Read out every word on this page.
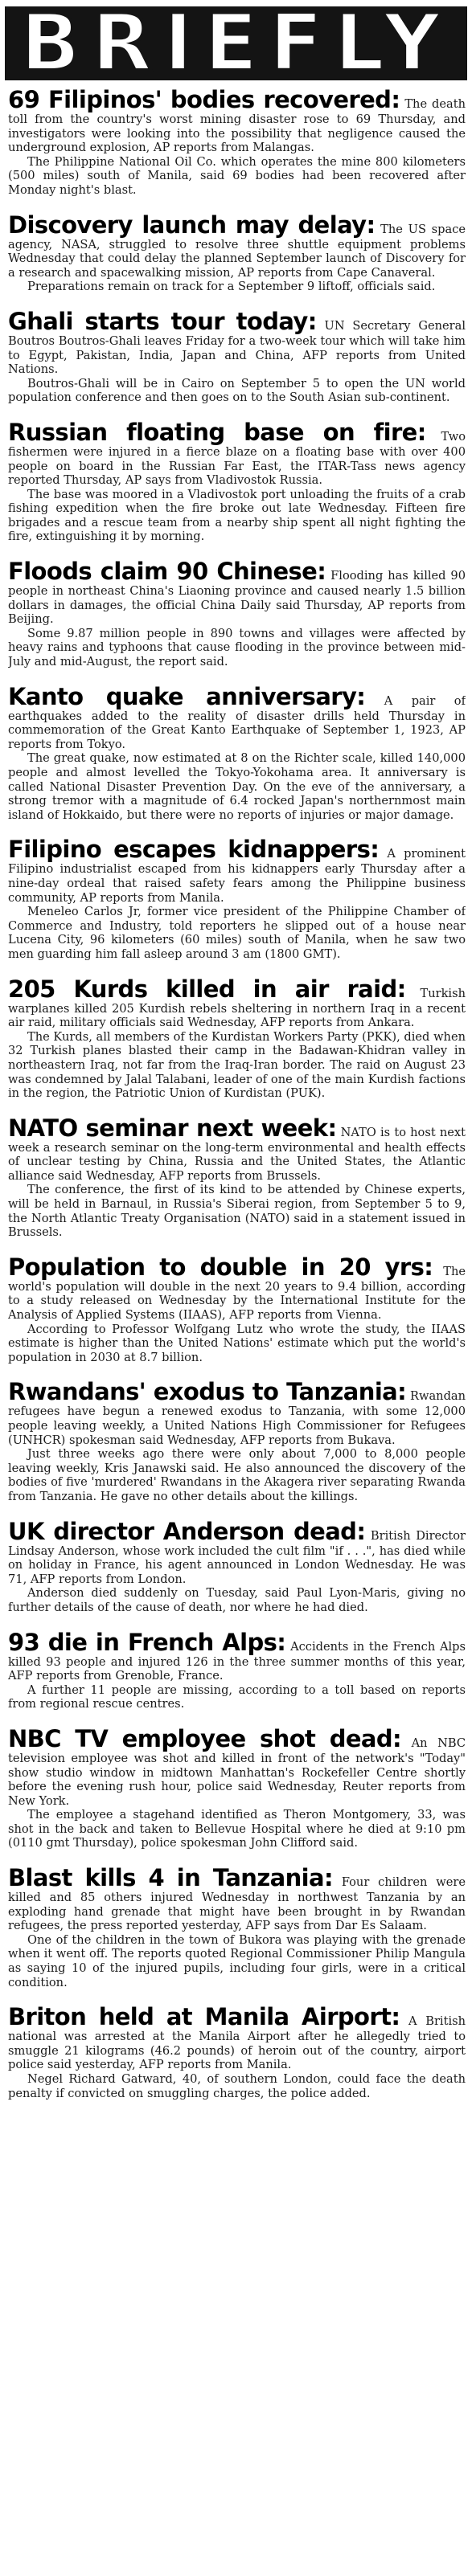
BRIEFLY

69 Filipinos' bodies recovered: The death toll from the country's worst mining disaster rose to 69 Thursday, and investigators were looking into the possibility that negligence caused the underground explosion, AP reports from Malangas.

The Philippine National Oil Co. which operates the mine 800 kilometers (500 miles) south of Manila, said 69 bodies had been recovered after Monday night's blast.

Discovery launch may delay: The US space agency, NASA, struggled to resolve three shuttle equipment problems Wednesday that could delay the planned September launch of Discovery for a research and spacewalking mission, AP reports from Cape Canaveral.

Preparations remain on track for a September 9 liftoff, officials said.

Ghali starts tour today: UN Secretary General Boutros Boutros-Ghali leaves Friday for a two-week tour which will take him to Egypt, Pakistan, India, Japan and China, AFP reports from United Nations.

Boutros-Ghali will be in Cairo on September 5 to open the UN world population conference and then goes on to the South Asian sub-continent.

Russian floating base on fire: Two fishermen were injured in a fierce blaze on a floating base with over 400 people on board in the Russian Far East, the ITAR-Tass news agency reported Thursday, AP says from Vladivostok Russia.

The base was moored in a Vladivostok port unloading the fruits of a crab fishing expedition when the fire broke out late Wednesday. Fifteen fire brigades and a rescue team from a nearby ship spent all night fighting the fire, extinguishing it by morning.

Floods claim 90 Chinese: Flooding has killed 90 people in northeast China's Liaoning province and caused nearly 1.5 billion dollars in damages, the official China Daily said Thursday, AP reports from Beijing.

Some 9.87 million people in 890 towns and villages were affected by heavy rains and typhoons that cause flooding in the province between mid-July and mid-August, the report said.

Kanto quake anniversary: A pair of earthquakes added to the reality of disaster drills held Thursday in commemoration of the Great Kanto Earthquake of September 1, 1923, AP reports from Tokyo.

The great quake, now estimated at 8 on the Richter scale, killed 140,000 people and almost levelled the Tokyo-Yokohama area. It anniversary is called National Disaster Prevention Day. On the eve of the anniversary, a strong tremor with a magnitude of 6.4 rocked Japan's northernmost main island of Hokkaido, but there were no reports of injuries or major damage.

Filipino escapes kidnappers: A prominent Filipino industrialist escaped from his kidnappers early Thursday after a nine-day ordeal that raised safety fears among the Philippine business community, AP reports from Manila.

Meneleo Carlos Jr, former vice president of the Philippine Chamber of Commerce and Industry, told reporters he slipped out of a house near Lucena City, 96 kilometers (60 miles) south of Manila, when he saw two men guarding him fall asleep around 3 am (1800 GMT).

205 Kurds killed in air raid: Turkish warplanes killed 205 Kurdish rebels sheltering in northern Iraq in a recent air raid, military officials said Wednesday, AFP reports from Ankara.

The Kurds, all members of the Kurdistan Workers Party (PKK), died when 32 Turkish planes blasted their camp in the Badawan-Khidran valley in northeastern Iraq, not far from the Iraq-Iran border. The raid on August 23 was condemned by Jalal Talabani, leader of one of the main Kurdish factions in the region, the Patriotic Union of Kurdistan (PUK).

NATO seminar next week: NATO is to host next week a research seminar on the long-term environmental and health effects of unclear testing by China, Russia and the United States, the Atlantic alliance said Wednesday, AFP reports from Brussels.

The conference, the first of its kind to be attended by Chinese experts, will be held in Barnaul, in Russia's Siberai region, from September 5 to 9, the North Atlantic Treaty Organisation (NATO) said in a statement issued in Brussels.

Population to double in 20 yrs: The world's population will double in the next 20 years to 9.4 billion, according to a study released on Wednesday by the International Institute for the Analysis of Applied Systems (IIAAS), AFP reports from Vienna.

According to Professor Wolfgang Lutz who wrote the study, the IIAAS estimate is higher than the United Nations' estimate which put the world's population in 2030 at 8.7 billion.

Rwandans' exodus to Tanzania: Rwandan refugees have begun a renewed exodus to Tanzania, with some 12,000 people leaving weekly, a United Nations High Commissioner for Refugees (UNHCR) spokesman said Wednesday, AFP reports from Bukava.

Just three weeks ago there were only about 7,000 to 8,000 people leaving weekly, Kris Janawski said. He also announced the discovery of the bodies of five 'murdered' Rwandans in the Akagera river separating Rwanda from Tanzania. He gave no other details about the killings.

UK director Anderson dead: British Director Lindsay Anderson, whose work included the cult film "if . . .", has died while on holiday in France, his agent announced in London Wednesday. He was 71, AFP reports from London.

Anderson died suddenly on Tuesday, said Paul Lyon-Maris, giving no further details of the cause of death, nor where he had died.

93 die in French Alps: Accidents in the French Alps killed 93 people and injured 126 in the three summer months of this year, AFP reports from Grenoble, France.

A further 11 people are missing, according to a toll based on reports from regional rescue centres.

NBC TV employee shot dead: An NBC television employee was shot and killed in front of the network's "Today" show studio window in midtown Manhattan's Rockefeller Centre shortly before the evening rush hour, police said Wednesday, Reuter reports from New York.

The employee a stagehand identified as Theron Montgomery, 33, was shot in the back and taken to Bellevue Hospital where he died at 9:10 pm (0110 gmt Thursday), police spokesman John Clifford said.

Blast kills 4 in Tanzania: Four children were killed and 85 others injured Wednesday in northwest Tanzania by an exploding hand grenade that might have been brought in by Rwandan refugees, the press reported yesterday, AFP says from Dar Es Salaam.

One of the children in the town of Bukora was playing with the grenade when it went off. The reports quoted Regional Commissioner Philip Mangula as saying 10 of the injured pupils, including four girls, were in a critical condition.

Briton held at Manila Airport: A British national was arrested at the Manila Airport after he allegedly tried to smuggle 21 kilograms (46.2 pounds) of heroin out of the country, airport police said yesterday, AFP reports from Manila.

Negel Richard Gatward, 40, of southern London, could face the death penalty if convicted on smuggling charges, the police added.
